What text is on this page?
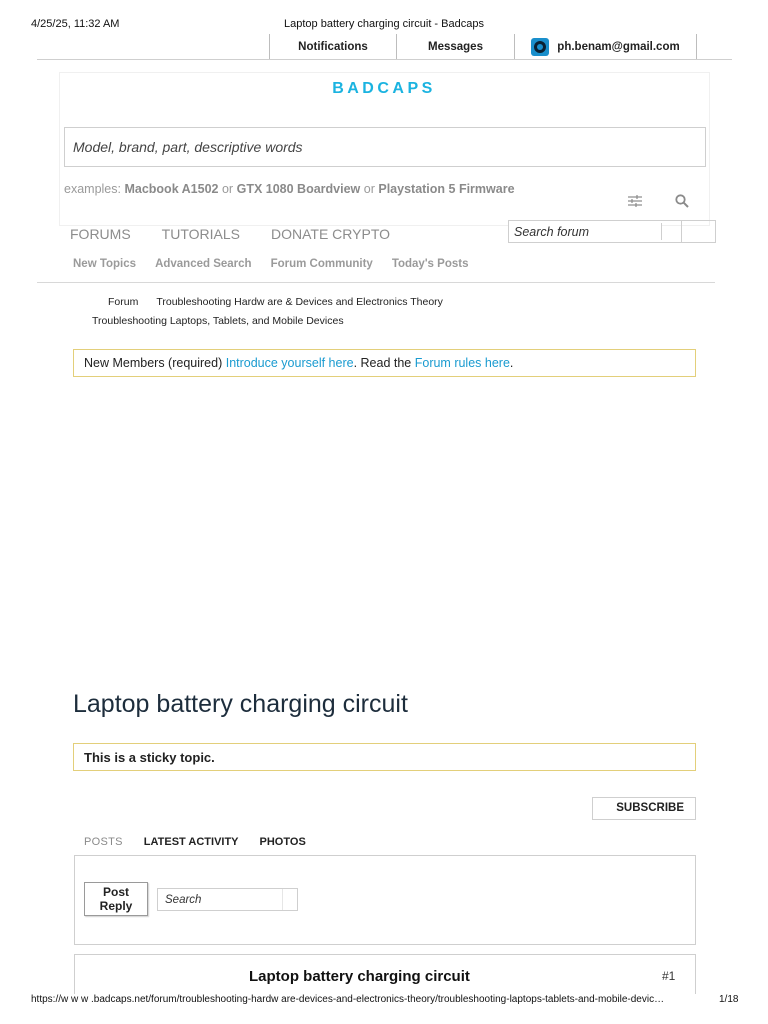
4/25/25, 11:32 AM	Laptop battery charging circuit - Badcaps
Notifications	Messages	ph.benam@gmail.com
BADCAPS
Model, brand, part, descriptive words
examples: Macbook A1502 or GTX 1080 Boardview or Playstation 5 Firmware
FORUMS TUTORIALS DONATE CRYPTO
Search forum
New Topics Advanced Search Forum Community Today's Posts
Forum Troubleshooting Hardw are & Devices and Electronics Theory
Troubleshooting Laptops, Tablets, and Mobile Devices
New Members (required) Introduce yourself here. Read the Forum rules here.
Laptop battery charging circuit
This is a sticky topic.
SUBSCRIBE
POSTS LATEST ACTIVITY PHOTOS
Post
Reply
Search
Laptop battery charging circuit	#1
https://w w w .badcaps.net/forum/troubleshooting-hardw are-devices-and-electronics-theory/troubleshooting-laptops-tablets-and-mobile-devic…	1/18
